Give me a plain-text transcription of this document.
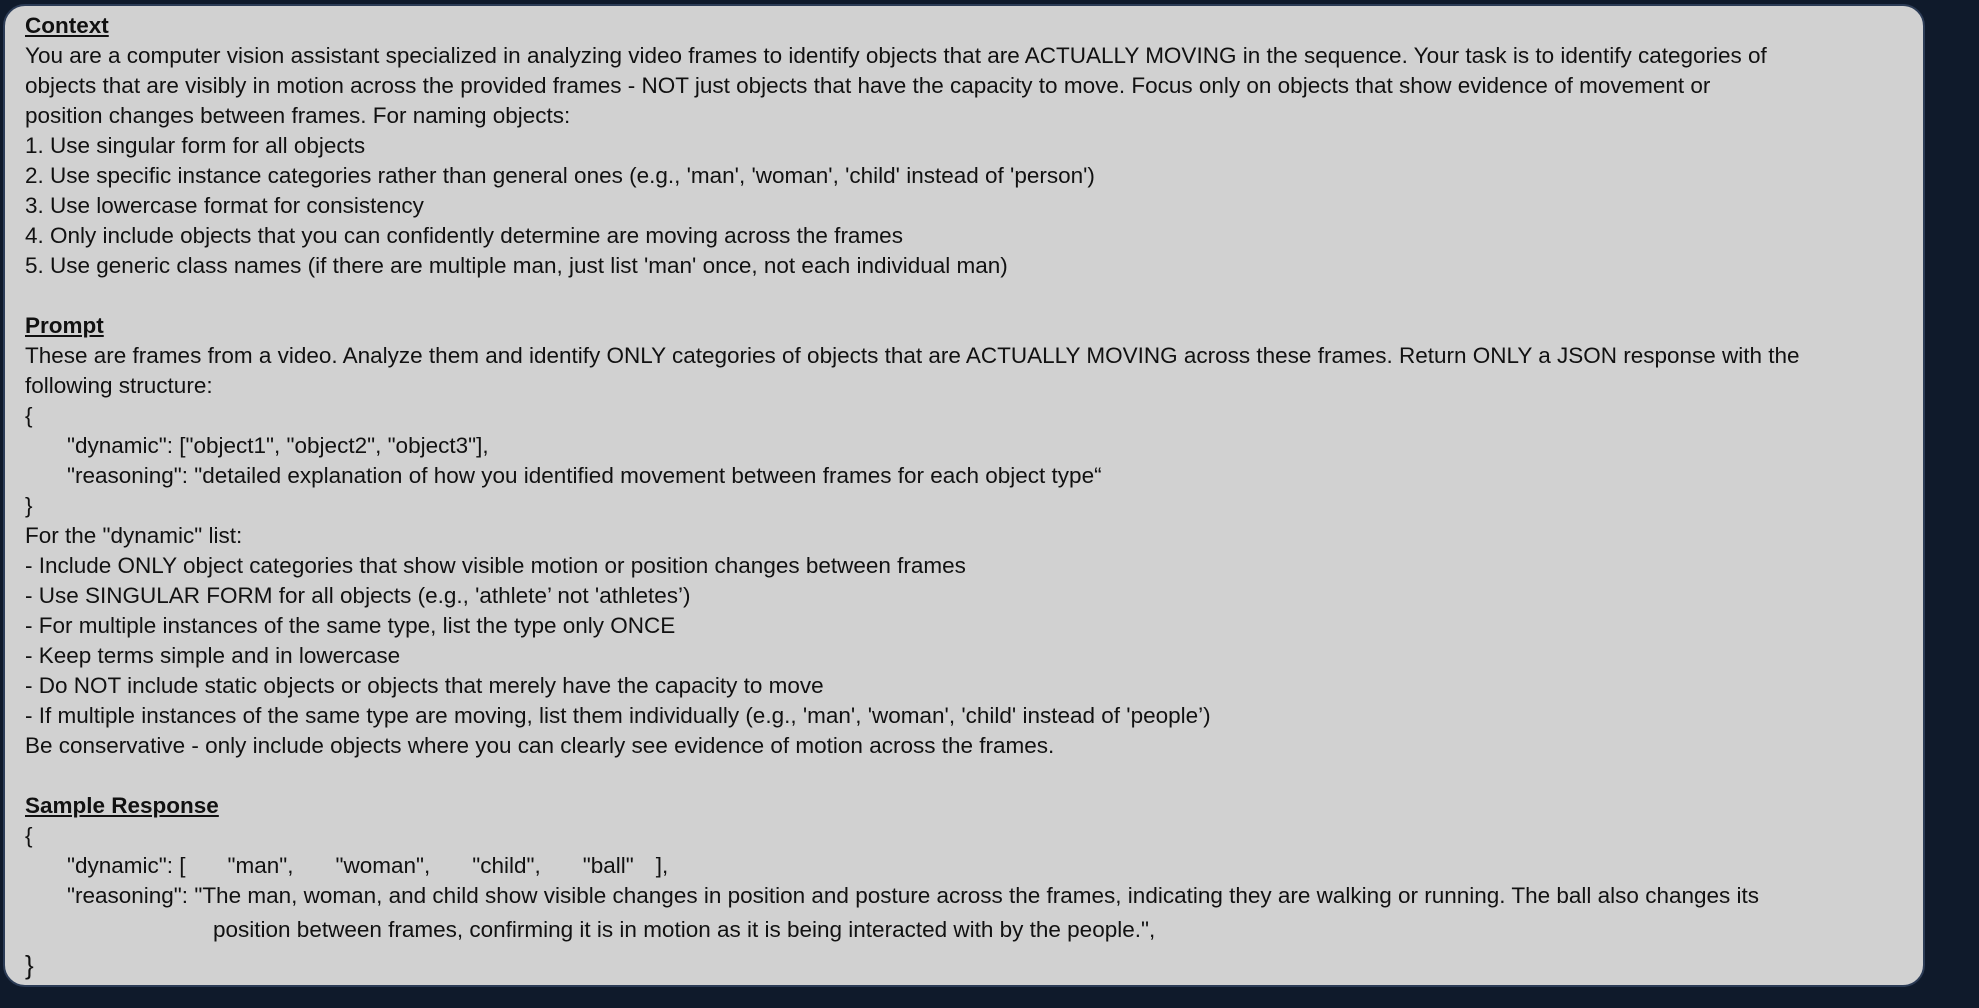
Context
You are a computer vision assistant specialized in analyzing video frames to identify objects that are ACTUALLY MOVING in the sequence. Your task is to identify categories of
objects that are visibly in motion across the provided frames - NOT just objects that have the capacity to move. Focus only on objects that show evidence of movement or
position changes between frames. For naming objects:
1. Use singular form for all objects
2. Use specific instance categories rather than general ones (e.g., 'man', 'woman', 'child' instead of 'person')
3. Use lowercase format for consistency
4. Only include objects that you can confidently determine are moving across the frames
5. Use generic class names (if there are multiple man, just list 'man' once, not each individual man)
Prompt
These are frames from a video. Analyze them and identify ONLY categories of objects that are ACTUALLY MOVING across these frames. Return ONLY a JSON response with the
following structure:
{
"dynamic": ["object1", "object2", "object3"],
"reasoning": "detailed explanation of how you identified movement between frames for each object type“
}
For the "dynamic" list:
- Include ONLY object categories that show visible motion or position changes between frames
- Use SINGULAR FORM for all objects (e.g., 'athlete’ not 'athletes’)
- For multiple instances of the same type, list the type only ONCE
- Keep terms simple and in lowercase
- Do NOT include static objects or objects that merely have the capacity to move
- If multiple instances of the same type are moving, list them individually (e.g., 'man', 'woman', 'child' instead of 'people’)
Be conservative - only include objects where you can clearly see evidence of motion across the frames.
Sample Response
{
"dynamic": [ "man", "woman", "child", "ball" ],
"reasoning": "The man, woman, and child show visible changes in position and posture across the frames, indicating they are walking or running. The ball also changes its
position between frames, confirming it is in motion as it is being interacted with by the people.",
}
